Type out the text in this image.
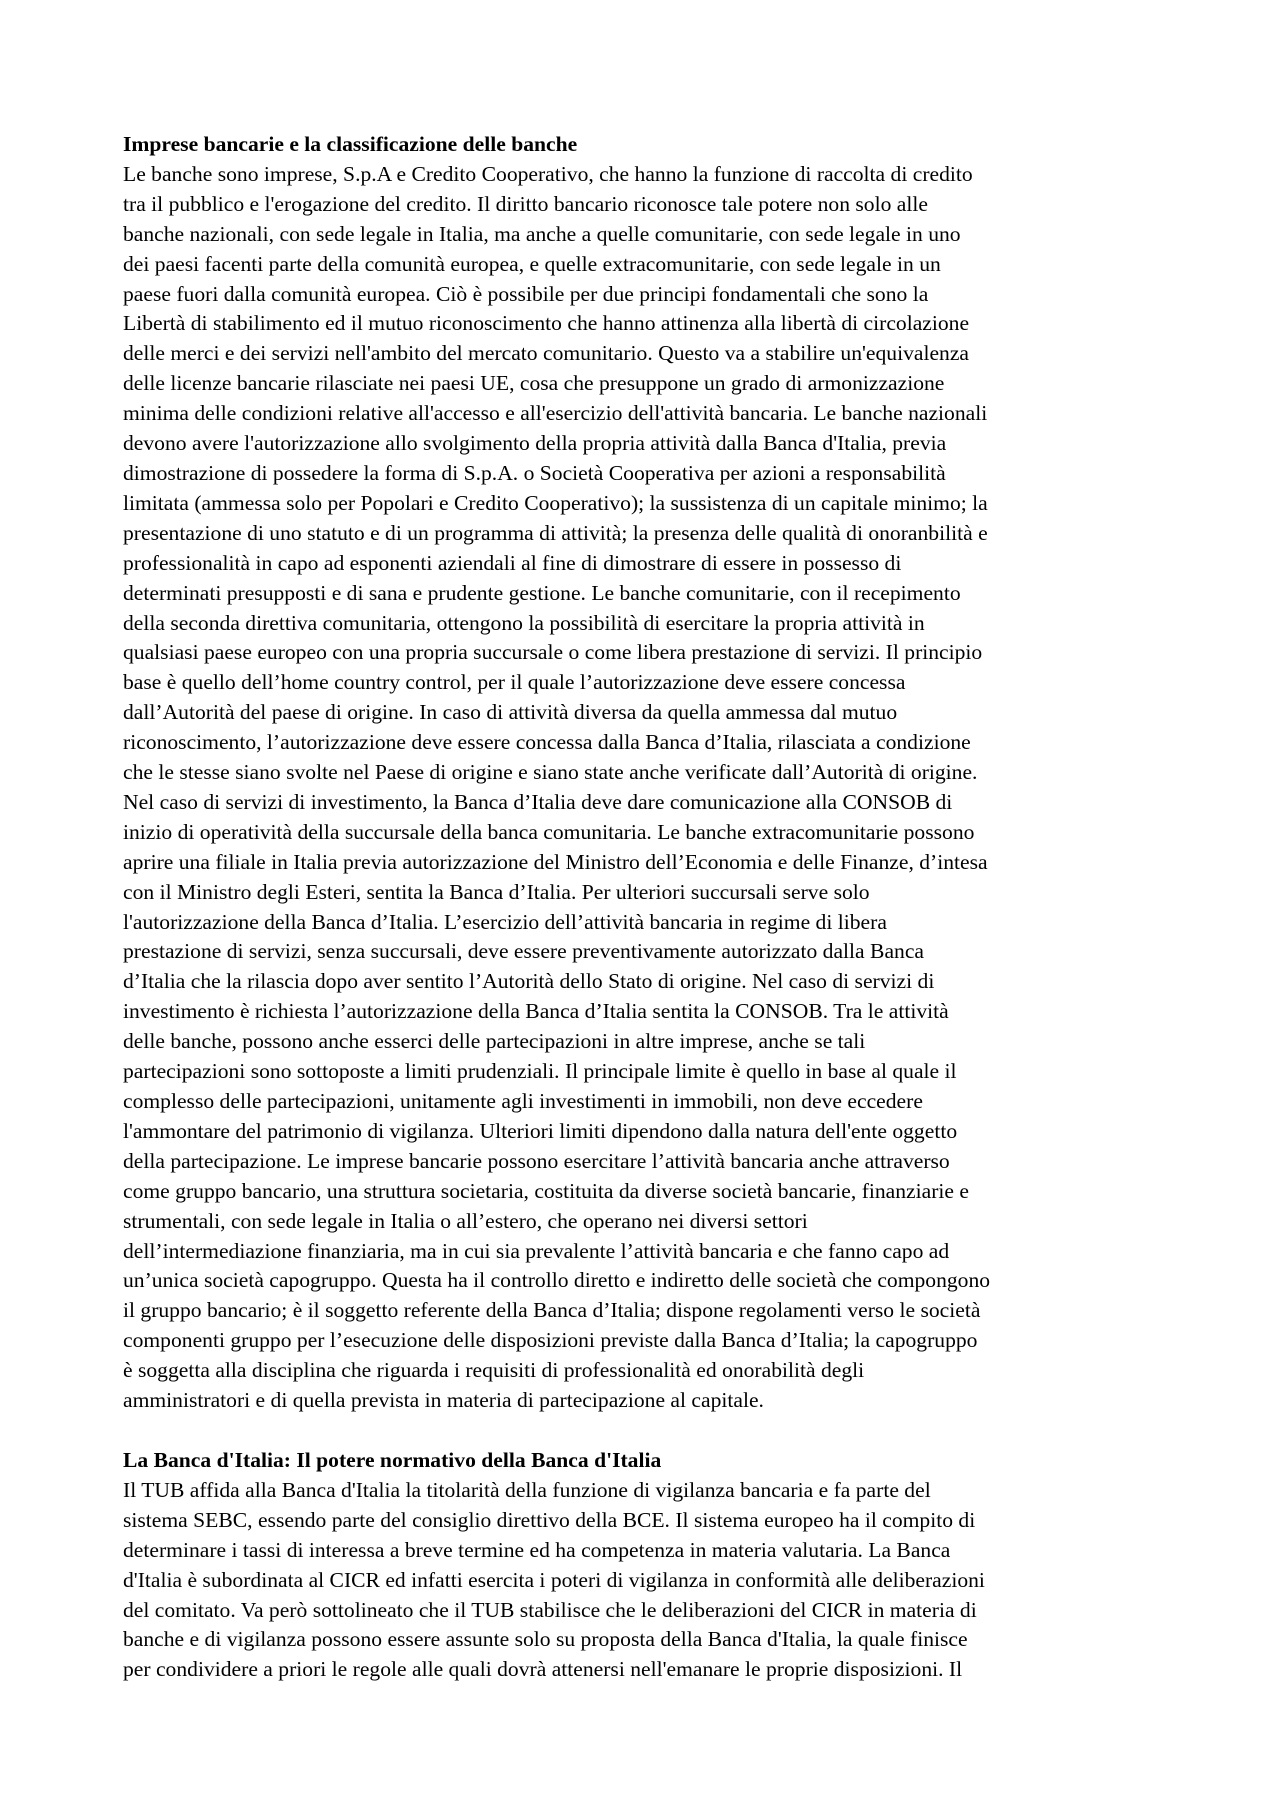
Imprese bancarie e la classificazione delle banche

Le banche sono imprese, S.p.A e Credito Cooperativo, che hanno la funzione di raccolta di credito
tra il pubblico e l'erogazione del credito. Il diritto bancario riconosce tale potere non solo alle
banche nazionali, con sede legale in Italia, ma anche a quelle comunitarie, con sede legale in uno
dei paesi facenti parte della comunità europea, e quelle extracomunitarie, con sede legale in un
paese fuori dalla comunità europea. Ciò è possibile per due principi fondamentali che sono la
Libertà di stabilimento ed il mutuo riconoscimento che hanno attinenza alla libertà di circolazione
delle merci e dei servizi nell'ambito del mercato comunitario. Questo va a stabilire un'equivalenza
delle licenze bancarie rilasciate nei paesi UE, cosa che presuppone un grado di armonizzazione
minima delle condizioni relative all'accesso e all'esercizio dell'attività bancaria. Le banche nazionali
devono avere l'autorizzazione allo svolgimento della propria attività dalla Banca d'Italia, previa
dimostrazione di possedere la forma di S.p.A. o Società Cooperativa per azioni a responsabilità
limitata (ammessa solo per Popolari e Credito Cooperativo); la sussistenza di un capitale minimo; la
presentazione di uno statuto e di un programma di attività; la presenza delle qualità di onoranbilità e
professionalità in capo ad esponenti aziendali al fine di dimostrare di essere in possesso di
determinati presupposti e di sana e prudente gestione. Le banche comunitarie, con il recepimento
della seconda direttiva comunitaria, ottengono la possibilità di esercitare la propria attività in
qualsiasi paese europeo con una propria succursale o come libera prestazione di servizi. Il principio
base è quello dell’home country control, per il quale l’autorizzazione deve essere concessa
dall’Autorità del paese di origine. In caso di attività diversa da quella ammessa dal mutuo
riconoscimento, l’autorizzazione deve essere concessa dalla Banca d’Italia, rilasciata a condizione
che le stesse siano svolte nel Paese di origine e siano state anche verificate dall’Autorità di origine.
Nel caso di servizi di investimento, la Banca d’Italia deve dare comunicazione alla CONSOB di
inizio di operatività della succursale della banca comunitaria. Le banche extracomunitarie possono
aprire una filiale in Italia previa autorizzazione del Ministro dell’Economia e delle Finanze, d’intesa
con il Ministro degli Esteri, sentita la Banca d’Italia. Per ulteriori succursali serve solo
l'autorizzazione della Banca d’Italia. L’esercizio dell’attività bancaria in regime di libera
prestazione di servizi, senza succursali, deve essere preventivamente autorizzato dalla Banca
d’Italia che la rilascia dopo aver sentito l’Autorità dello Stato di origine. Nel caso di servizi di
investimento è richiesta l’autorizzazione della Banca d’Italia sentita la CONSOB. Tra le attività
delle banche, possono anche esserci delle partecipazioni in altre imprese, anche se tali
partecipazioni sono sottoposte a limiti prudenziali. Il principale limite è quello in base al quale il
complesso delle partecipazioni, unitamente agli investimenti in immobili, non deve eccedere
l'ammontare del patrimonio di vigilanza. Ulteriori limiti dipendono dalla natura dell'ente oggetto
della partecipazione. Le imprese bancarie possono esercitare l’attività bancaria anche attraverso
come gruppo bancario, una struttura societaria, costituita da diverse società bancarie, finanziarie e
strumentali, con sede legale in Italia o all’estero, che operano nei diversi settori
dell’intermediazione finanziaria, ma in cui sia prevalente l’attività bancaria e che fanno capo ad
un’unica società capogruppo. Questa ha il controllo diretto e indiretto delle società che compongono
il gruppo bancario; è il soggetto referente della Banca d’Italia; dispone regolamenti verso le società
componenti gruppo per l’esecuzione delle disposizioni previste dalla Banca d’Italia; la capogruppo
è soggetta alla disciplina che riguarda i requisiti di professionalità ed onorabilità degli
amministratori e di quella prevista in materia di partecipazione al capitale.

La Banca d'Italia: Il potere normativo della Banca d'Italia

Il TUB affida alla Banca d'Italia la titolarità della funzione di vigilanza bancaria e fa parte del
sistema SEBC, essendo parte del consiglio direttivo della BCE. Il sistema europeo ha il compito di
determinare i tassi di interessa a breve termine ed ha competenza in materia valutaria. La Banca
d'Italia è subordinata al CICR ed infatti esercita i poteri di vigilanza in conformità alle deliberazioni
del comitato. Va però sottolineato che il TUB stabilisce che le deliberazioni del CICR in materia di
banche e di vigilanza possono essere assunte solo su proposta della Banca d'Italia, la quale finisce
per condividere a priori le regole alle quali dovrà attenersi nell'emanare le proprie disposizioni. Il
